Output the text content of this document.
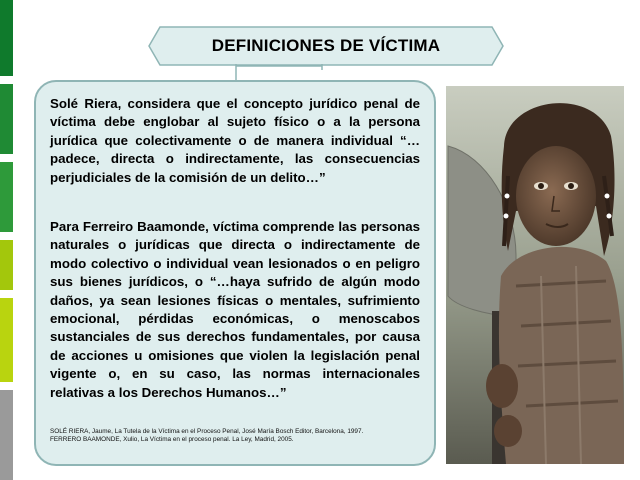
DEFINICIONES DE VÍCTIMA
Solé Riera, considera que el concepto jurídico penal de víctima debe englobar al sujeto físico o a la persona jurídica que colectivamente o de manera individual “…padece, directa o indirectamente, las consecuencias perjudiciales de la comisión de un delito…”
Para Ferreiro Baamonde, víctima comprende las personas naturales o jurídicas que directa o indirectamente de modo colectivo o individual vean lesionados o en peligro sus bienes jurídicos, o “…haya sufrido de algún modo daños, ya sean lesiones físicas o mentales, sufrimiento emocional, pérdidas económicas, o menoscabos sustanciales de sus derechos fundamentales, por causa de acciones u omisiones que violen la legislación penal vigente o, en su caso, las normas internacionales relativas a los Derechos Humanos…”
SOLÉ RIERA, Jaume, La Tutela de la Víctima en el Proceso Penal, José María Bosch Editor, Barcelona, 1997.
FERRERO BAAMONDE, Xulio, La Víctima en el proceso penal. La Ley, Madrid, 2005.
